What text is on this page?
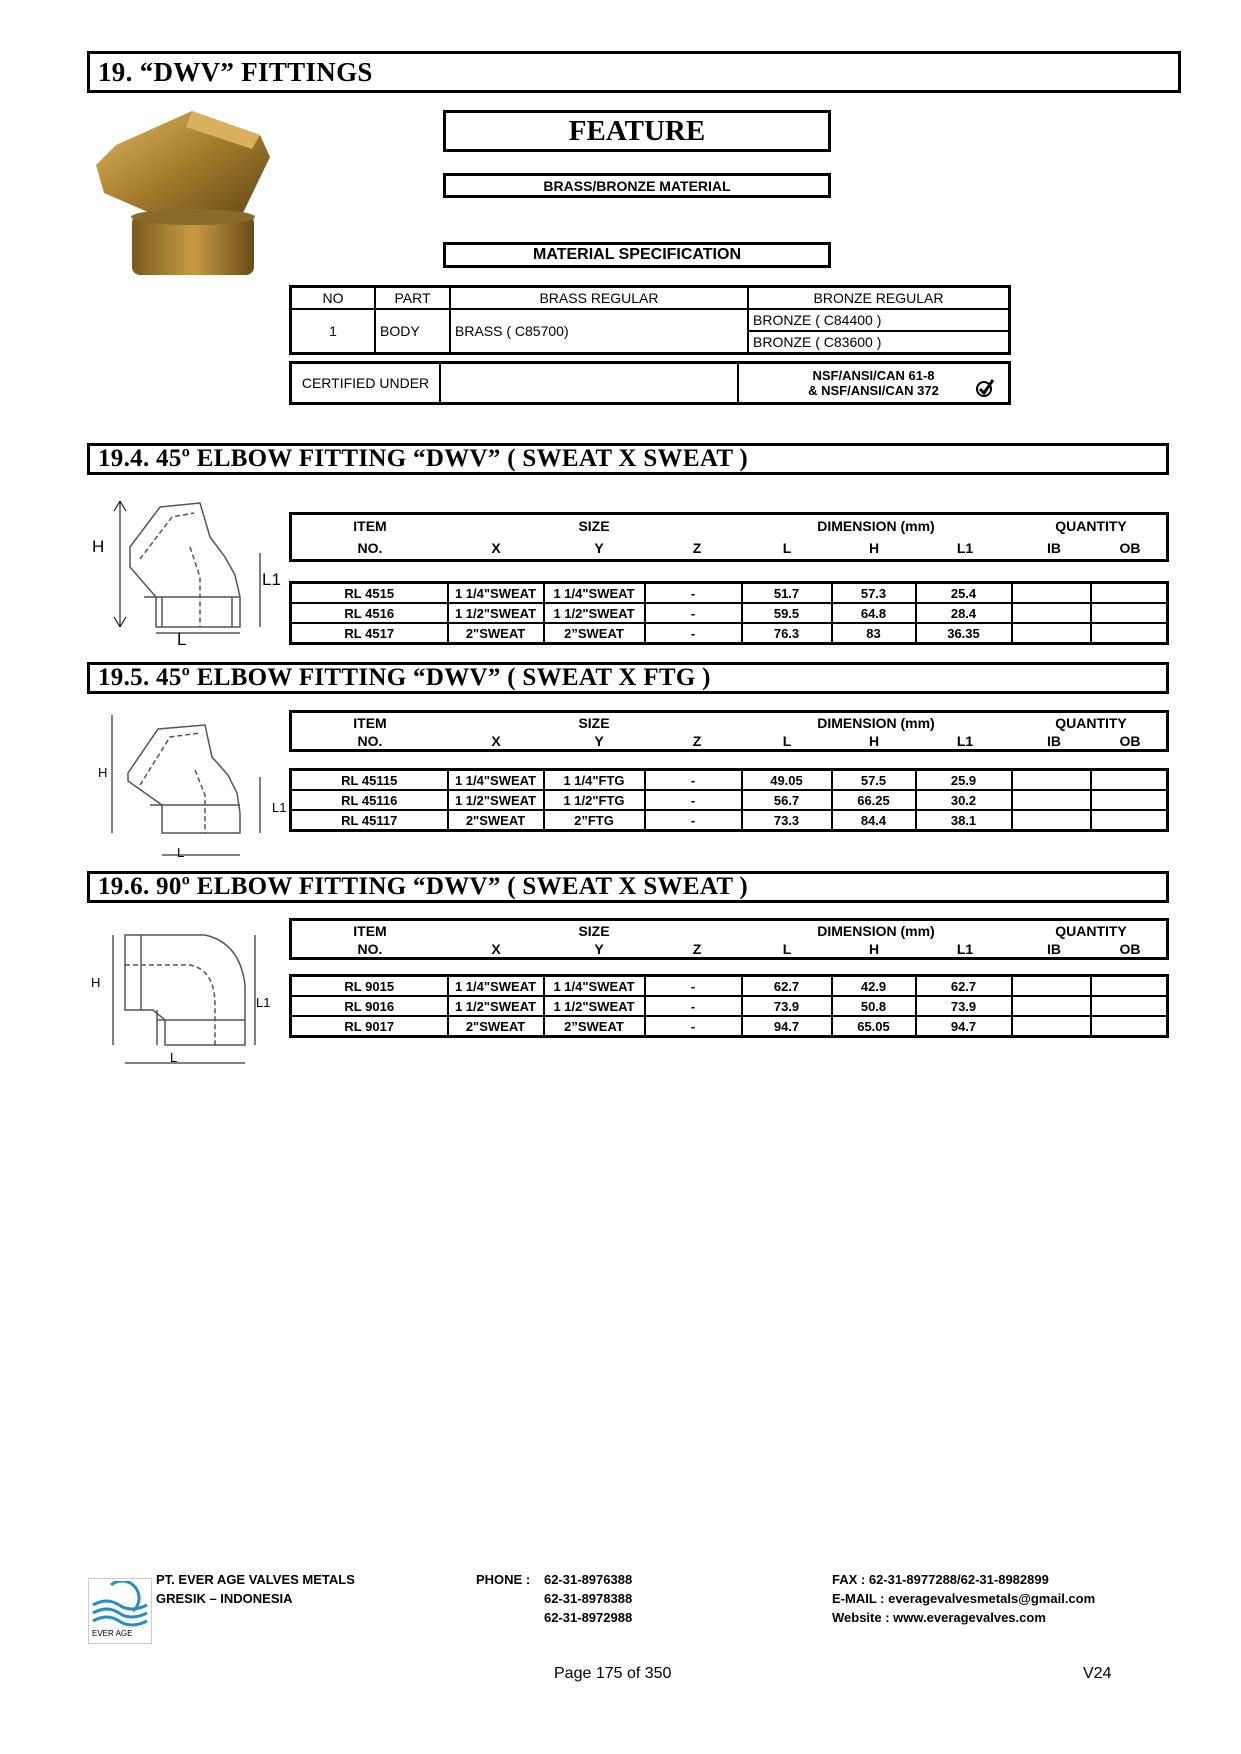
19. “DWV” FITTINGS
FEATURE
BRASS/BRONZE MATERIAL
MATERIAL SPECIFICATION
NO	PART	BRASS REGULAR	BRONZE REGULAR
1	BODY	BRASS ( C85700)	BRONZE ( C84400 )
			BRONZE ( C83600 )
CERTIFIED UNDER		NSF/ANSI/CAN 61-8
& NSF/ANSI/CAN 372
19.4. 45º ELBOW FITTING “DWV” ( SWEAT X SWEAT )
H
L1
L
ITEM
NO.
SIZE
X	Y	Z
DIMENSION (mm)
L	H	L1
QUANTITY
IB	OB
RL 4515	1 1/4"SWEAT	1 1/4"SWEAT	-	51.7	57.3	25.4		
RL 4516	1 1/2"SWEAT	1 1/2"SWEAT	-	59.5	64.8	28.4		
RL 4517	2"SWEAT	2”SWEAT	-	76.3	83	36.35		
19.5. 45º ELBOW FITTING “DWV” ( SWEAT X FTG )
H
L1
L
ITEM
NO.
SIZE
X	Y	Z
DIMENSION (mm)
L	H	L1
QUANTITY
IB	OB
RL 45115	1 1/4"SWEAT	1 1/4"FTG	-	49.05	57.5	25.9		
RL 45116	1 1/2"SWEAT	1 1/2"FTG	-	56.7	66.25	30.2		
RL 45117	2"SWEAT	2”FTG	-	73.3	84.4	38.1		
19.6. 90º ELBOW FITTING “DWV” ( SWEAT X SWEAT )
H
L1
L
ITEM
NO.
SIZE
X	Y	Z
DIMENSION (mm)
L	H	L1
QUANTITY
IB	OB
RL 9015	1 1/4"SWEAT	1 1/4"SWEAT	-	62.7	42.9	62.7		
RL 9016	1 1/2"SWEAT	1 1/2"SWEAT	-	73.9	50.8	73.9		
RL 9017	2"SWEAT	2”SWEAT	-	94.7	65.05	94.7		
EVER AGE
PT. EVER AGE VALVES METALS
GRESIK – INDONESIA
PHONE : 62-31-8976388
62-31-8978388
62-31-8972988
FAX : 62-31-8977288/62-31-8982899
E-MAIL : everagevalvesmetals@gmail.com
Website : www.everagevalves.com
Page 175 of 350	V24
